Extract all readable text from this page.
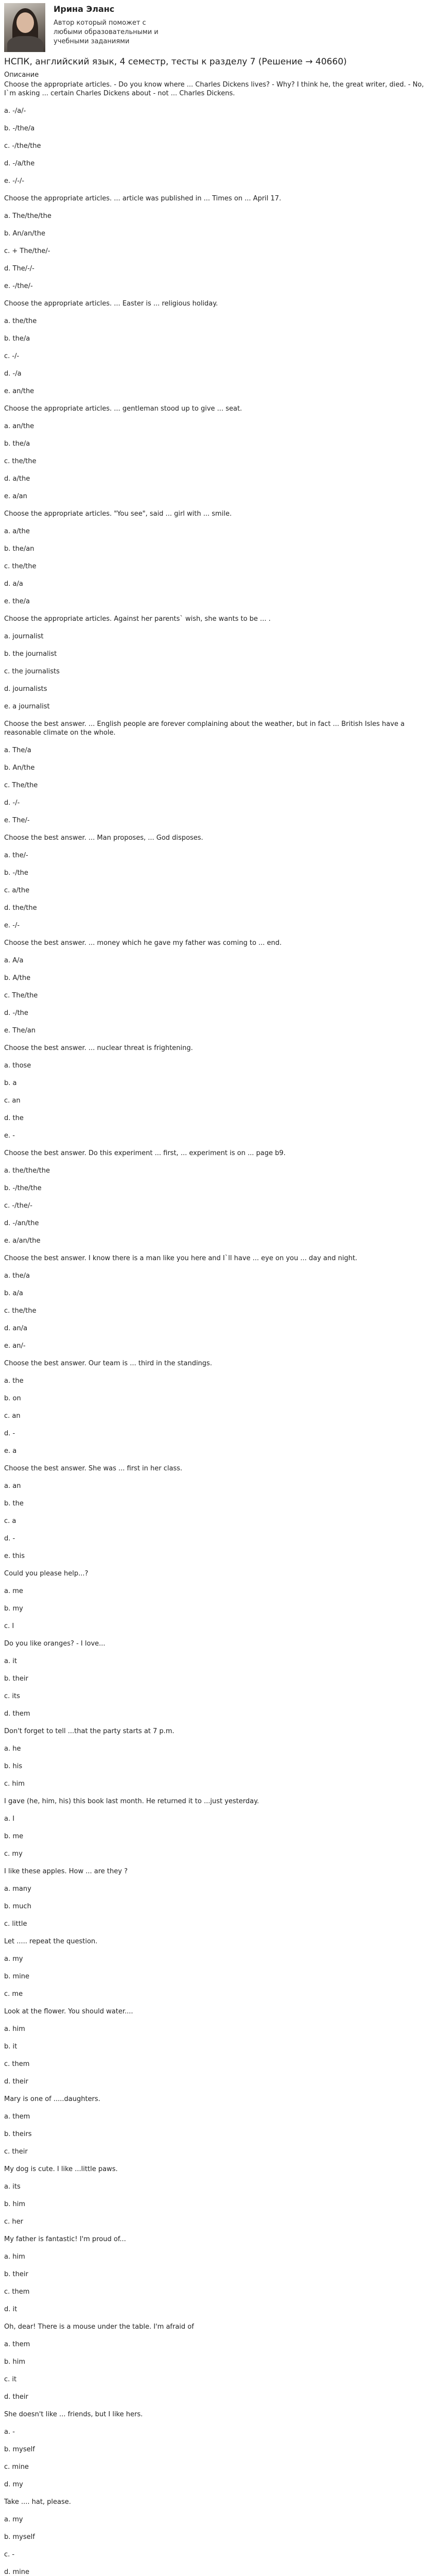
Ирина Эланс
Автор который поможет с любыми образовательными и учебными заданиями
НСПК, английский язык, 4 семестр, тесты к разделу 7 (Решение → 40660)
Описание
Choose the appropriate articles. - Do you know where ... Charles Dickens lives? - Why? I think he, the great writer, died. - No, I`m asking ... certain Charles Dickens about - not ... Charles Dickens.
a. -/a/-
b. -/the/a
c. -/the/the
d. -/a/the
e. -/-/-
Choose the appropriate articles. ... article was published in ... Times on ... April 17.
a. The/the/the
b. An/an/the
c. + The/the/-
d. The/-/-
e. -/the/-
Choose the appropriate articles. ... Easter is ... religious holiday.
a. the/the
b. the/a
c. -/-
d. -/a
e. an/the
Choose the appropriate articles. ... gentleman stood up to give ... seat.
a. an/the
b. the/a
c. the/the
d. a/the
e. a/an
Choose the appropriate articles. "You see", said ... girl with ... smile.
a. a/the
b. the/an
c. the/the
d. a/a
e. the/a
Choose the appropriate articles. Against her parents` wish, she wants to be ... .
a. journalist
b. the journalist
c. the journalists
d. journalists
e. a journalist
Choose the best answer. ... English people are forever complaining about the weather, but in fact ... British Isles have a reasonable climate on the whole.
a. The/a
b. An/the
c. The/the
d. -/-
e. The/-
Choose the best answer. ... Man proposes, ... God disposes.
a. the/-
b. -/the
c. a/the
d. the/the
e. -/-
Choose the best answer. ... money which he gave my father was coming to ... end.
a. A/a
b. A/the
c. The/the
d. -/the
e. The/an
Choose the best answer. ... nuclear threat is frightening.
a. those
b. a
c. an
d. the
e. -
Choose the best answer. Do this experiment ... first, ... experiment is on ... page b9.
a. the/the/the
b. -/the/the
c. -/the/-
d. -/an/the
e. a/an/the
Choose the best answer. I know there is a man like you here and I`ll have ... eye on you ... day and night.
a. the/a
b. a/a
c. the/the
d. an/a
e. an/-
Choose the best answer. Our team is ... third in the standings.
a. the
b. on
c. an
d. -
e. a
Choose the best answer. She was ... first in her class.
a. an
b. the
c. a
d. -
e. this
Could you please help...?
a. me
b. my
c. I
Do you like oranges? - I love...
a. it
b. their
c. its
d. them
Don't forget to tell ...that the party starts at 7 p.m.
a. he
b. his
c. him
I gave (he, him, his) this book last month. He returned it to ...just yesterday.
a. I
b. me
c. my
I like these apples. How ... are they ?
a. many
b. much
c. little
Let ..... repeat the question.
a. my
b. mine
c. me
Look at the flower. You should water....
a. him
b. it
c. them
d. their
Mary is one of .....daughters.
a. them
b. theirs
c. their
My dog is cute. I like ...little paws.
a. its
b. him
c. her
My father is fantastic! I'm proud of...
a. him
b. their
c. them
d. it
Oh, dear! There is a mouse under the table. I'm afraid of
a. them
b. him
c. it
d. their
She doesn't like ... friends, but I like hers.
a. -
b. myself
c. mine
d. my
Take .... hat, please.
a. my
b. myself
c. -
d. mine
